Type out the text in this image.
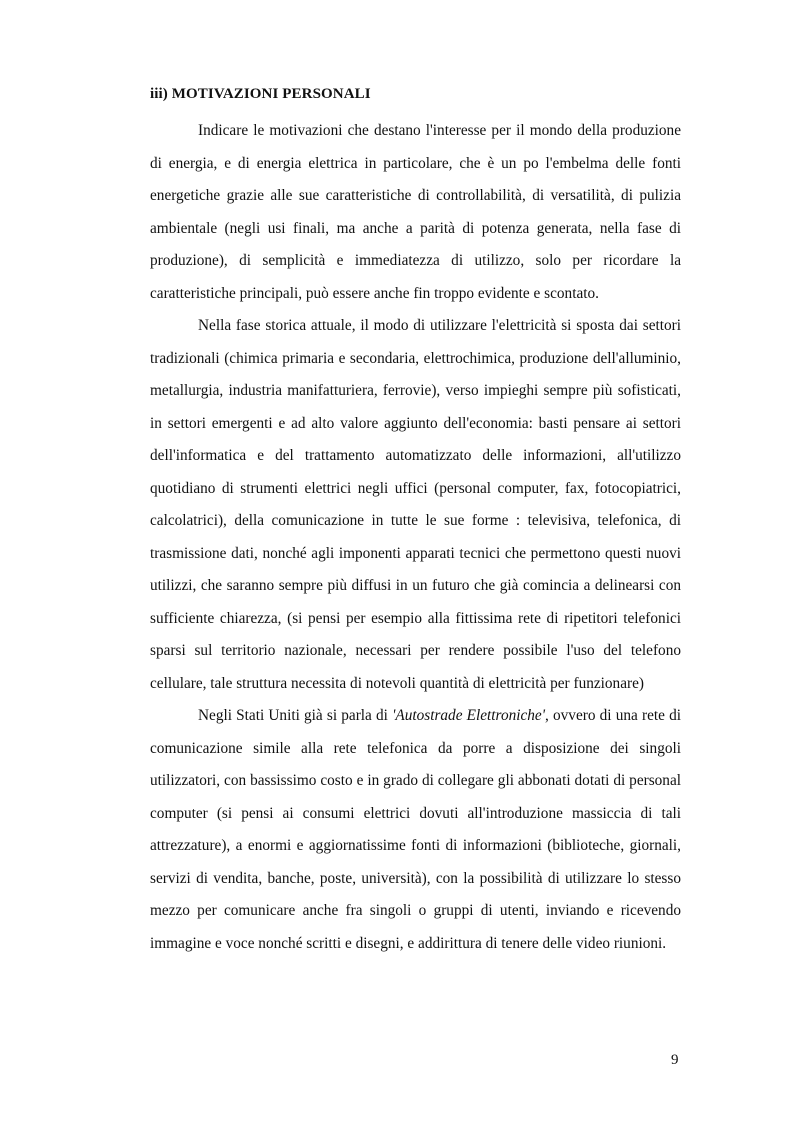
iii) MOTIVAZIONI PERSONALI

Indicare le motivazioni che destano l'interesse per il mondo della produzione di energia, e di energia elettrica in particolare, che è un po l'embelma delle fonti energetiche grazie alle sue caratteristiche di controllabilità, di versatilità, di pulizia ambientale (negli usi finali, ma anche a parità di potenza generata, nella fase di produzione), di semplicità e immediatezza di utilizzo, solo per ricordare la caratteristiche principali, può essere anche fin troppo evidente e scontato.

Nella fase storica attuale, il modo di utilizzare l'elettricità si sposta dai settori tradizionali (chimica primaria e secondaria, elettrochimica, produzione dell'alluminio, metallurgia, industria manifatturiera, ferrovie), verso impieghi sempre più sofisticati, in settori emergenti e ad alto valore aggiunto dell'economia: basti pensare ai settori dell'informatica e del trattamento automatizzato delle informazioni, all'utilizzo quotidiano di strumenti elettrici negli uffici (personal computer, fax, fotocopiatrici, calcolatrici), della comunicazione in tutte le sue forme : televisiva, telefonica, di trasmissione dati, nonché agli imponenti apparati tecnici che permettono questi nuovi utilizzi, che saranno sempre più diffusi in un futuro che già comincia a delinearsi con sufficiente chiarezza, (si pensi per esempio alla fittissima rete di ripetitori telefonici sparsi sul territorio nazionale, necessari per rendere possibile l'uso del telefono cellulare, tale struttura necessita di notevoli quantità di elettricità per funzionare)

Negli Stati Uniti già si parla di 'Autostrade Elettroniche', ovvero di una rete di comunicazione simile alla rete telefonica da porre a disposizione dei singoli utilizzatori, con bassissimo costo e in grado di collegare gli abbonati dotati di personal computer (si pensi ai consumi elettrici dovuti all'introduzione massiccia di tali attrezzature), a enormi e aggiornatissime fonti di informazioni (biblioteche, giornali, servizi di vendita, banche, poste, università), con la possibilità di utilizzare lo stesso mezzo per comunicare anche fra singoli o gruppi di utenti, inviando e ricevendo immagine e voce nonché scritti e disegni, e addirittura di tenere delle video riunioni.

9
